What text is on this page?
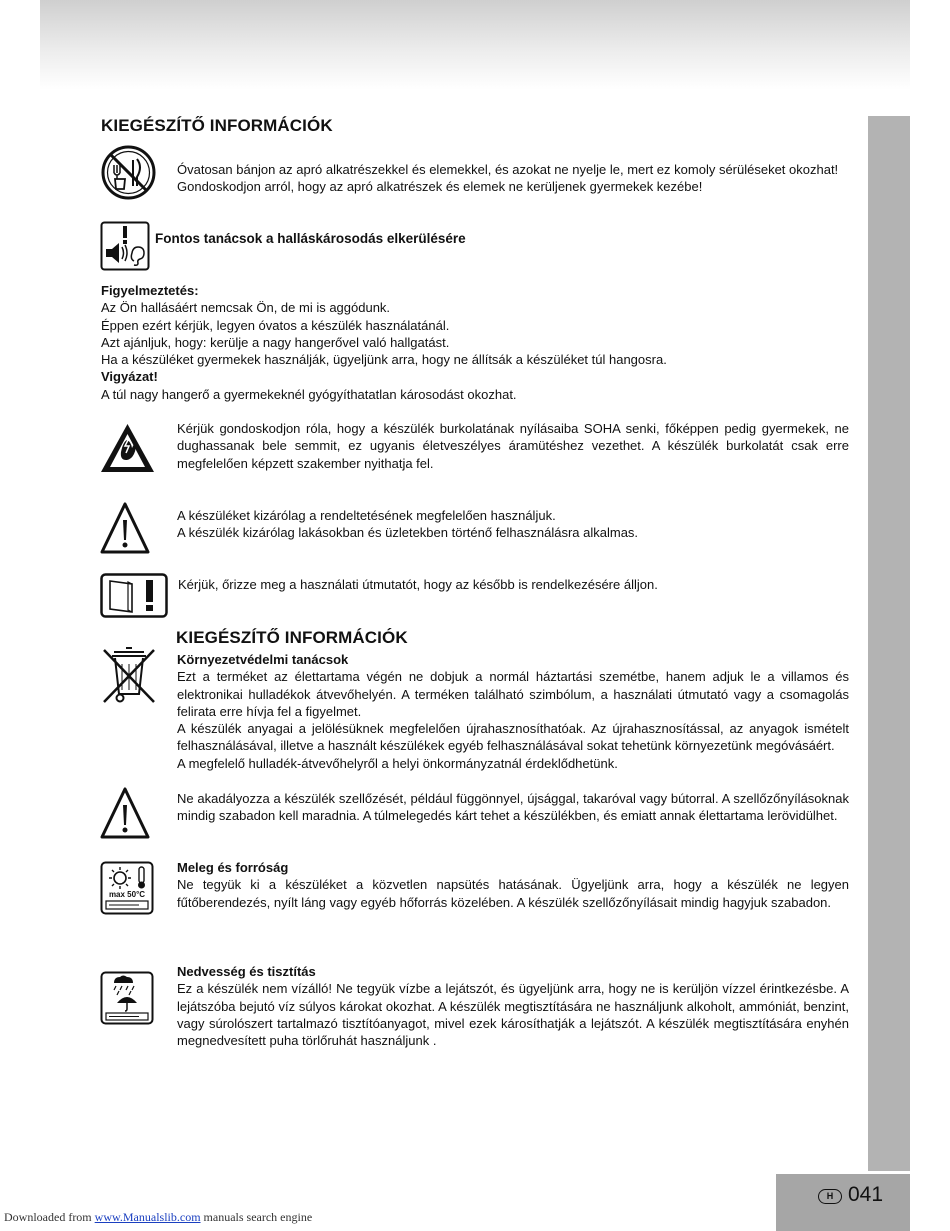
H 041
KIEGÉSZÍTŐ INFORMÁCIÓK
Óvatosan bánjon az apró alkatrészekkel és elemekkel, és azokat ne nyelje le, mert ez komoly sérüléseket okozhat!
Gondoskodjon arról, hogy az apró alkatrészek és elemek ne kerüljenek gyermekek kezébe!
Fontos tanácsok a halláskárosodás elkerülésére
Figyelmeztetés:
Az Ön hallásáért nemcsak Ön, de mi is aggódunk.
Éppen ezért kérjük, legyen óvatos a készülék használatánál.
Azt ajánljuk, hogy: kerülje a nagy hangerővel való hallgatást.
Ha a készüléket gyermekek használják, ügyeljünk arra, hogy ne állítsák a készüléket túl hangosra.
Vigyázat!
A túl nagy hangerő a gyermekeknél gyógyíthatatlan károsodást okozhat.
Kérjük gondoskodjon róla, hogy a készülék burkolatának nyílásaiba SOHA senki, főképpen pedig gyermekek, ne dughassanak bele semmit, ez ugyanis életveszélyes áramütéshez vezethet. A készülék burkolatát csak erre megfelelően képzett szakember nyithatja fel.
A készüléket kizárólag a rendeltetésének megfelelően használjuk.
A készülék kizárólag lakásokban és üzletekben történő felhasználásra alkalmas.
Kérjük, őrizze meg a használati útmutatót, hogy az később is rendelkezésére álljon.
KIEGÉSZÍTŐ INFORMÁCIÓK
Környezetvédelmi tanácsok
Ezt a terméket az élettartama végén ne dobjuk a normál háztartási szemétbe, hanem adjuk le a villamos és elektronikai hulladékok átvevőhelyén. A terméken található szimbólum, a használati útmutató vagy a csomagolás felirata erre hívja fel a figyelmet.
A készülék anyagai a jelölésüknek megfelelően újrahasznosíthatóak. Az újrahasznosítással, az anyagok ismételt felhasználásával, illetve a használt készülékek egyéb felhasználásával sokat tehetünk környezetünk megóvásáért.
A megfelelő hulladék-átvevőhelyről a helyi önkormányzatnál érdeklődhetünk.
Ne akadályozza a készülék szellőzését, például függönnyel, újsággal, takaróval vagy bútorral. A szellőzőnyílásoknak mindig szabadon kell maradnia. A túlmelegedés kárt tehet a készülékben, és emiatt annak élettartama lerövidülhet.
max 50°C
Meleg és forróság
Ne tegyük ki a készüléket a közvetlen napsütés hatásának. Ügyeljünk arra, hogy a készülék ne legyen fűtőberendezés, nyílt láng vagy egyéb hőforrás közelében. A készülék szellőzőnyílásait mindig hagyjuk szabadon.
Nedvesség és tisztítás
Ez a készülék nem vízálló! Ne tegyük vízbe a lejátszót, és ügyeljünk arra, hogy ne is kerüljön vízzel érintkezésbe. A lejátszóba bejutó víz súlyos károkat okozhat. A készülék megtisztítására ne használjunk alkoholt, ammóniát, benzint, vagy súrolószert tartalmazó tisztítóanyagot, mivel ezek károsíthatják a lejátszót. A készülék megtisztítására enyhén megnedvesített puha törlőruhát használjunk .
Downloaded from www.Manualslib.com manuals search engine
